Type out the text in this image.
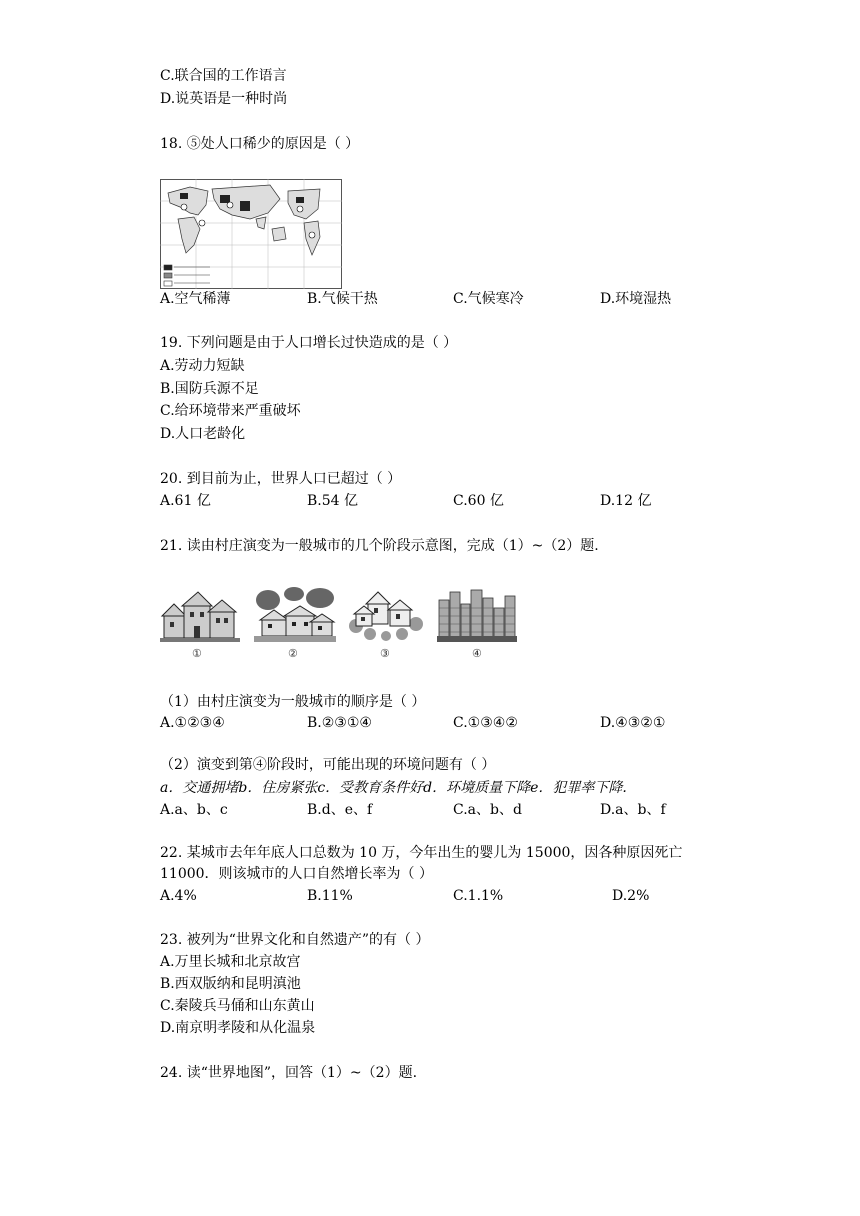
C.联合国的工作语言
D.说英语是一种时尚
18. ⑤处人口稀少的原因是（ ）
A.空气稀薄	B.气候干热	C.气候寒冷	D.环境湿热
19. 下列问题是由于人口增长过快造成的是（ ）
A.劳动力短缺
B.国防兵源不足
C.给环境带来严重破坏
D.人口老龄化
20. 到目前为止，世界人口已超过（ ）
A.61 亿	B.54 亿	C.60 亿	D.12 亿
21. 读由村庄演变为一般城市的几个阶段示意图，完成（1）~（2）题.
①	②	③	④
（1）由村庄演变为一般城市的顺序是（ ）
A.①②③④	B.②③①④	C.①③④②	D.④③②①
（2）演变到第④阶段时，可能出现的环境问题有（ ）
a．交通拥堵b．住房紧张c．受教育条件好d．环境质量下降e．犯罪率下降.
A.a、b、c	B.d、e、f	C.a、b、d	D.a、b、f
22. 某城市去年年底人口总数为 10 万，今年出生的婴儿为 15000，因各种原因死亡
11000．则该城市的人口自然增长率为（ ）
A.4%	B.11%	C.1.1%	D.2%
23. 被列为“世界文化和自然遗产”的有（ ）
A.万里长城和北京故宫
B.西双版纳和昆明滇池
C.秦陵兵马俑和山东黄山
D.南京明孝陵和从化温泉
24. 读“世界地图”，回答（1）~（2）题.
